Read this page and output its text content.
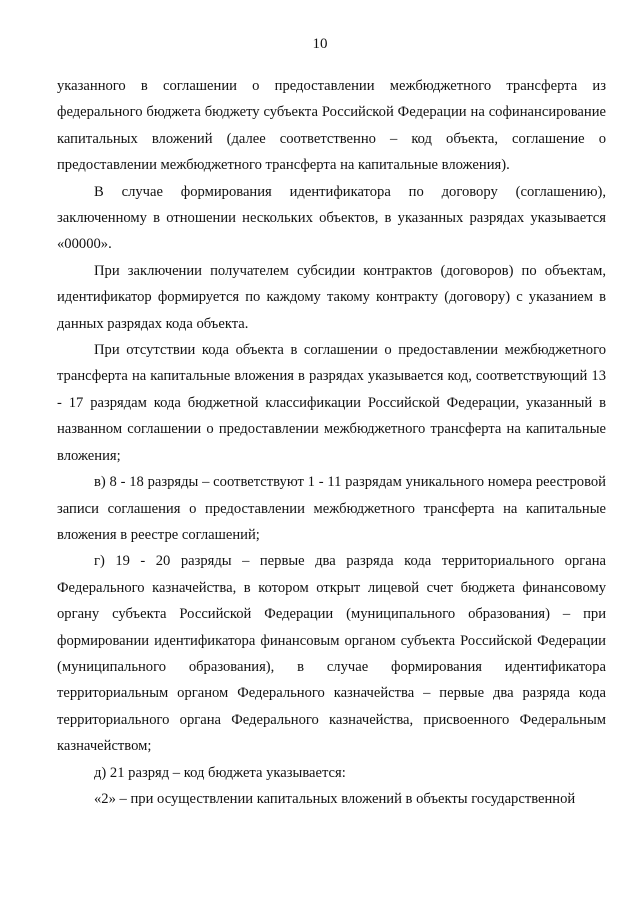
10

указанного в соглашении о предоставлении межбюджетного трансферта из федерального бюджета бюджету субъекта Российской Федерации на софинансирование капитальных вложений (далее соответственно – код объекта, соглашение о предоставлении межбюджетного трансферта на капитальные вложения).

В случае формирования идентификатора по договору (соглашению), заключенному в отношении нескольких объектов, в указанных разрядах указывается «00000».

При заключении получателем субсидии контрактов (договоров) по объектам, идентификатор формируется по каждому такому контракту (договору) с указанием в данных разрядах кода объекта.

При отсутствии кода объекта в соглашении о предоставлении межбюджетного трансферта на капитальные вложения в разрядах указывается код, соответствующий 13 - 17 разрядам кода бюджетной классификации Российской Федерации, указанный в названном соглашении о предоставлении межбюджетного трансферта на капитальные вложения;

в) 8 - 18 разряды – соответствуют 1 - 11 разрядам уникального номера реестровой записи соглашения о предоставлении межбюджетного трансферта на капитальные вложения в реестре соглашений;

г) 19 - 20 разряды – первые два разряда кода территориального органа Федерального казначейства, в котором открыт лицевой счет бюджета финансовому органу субъекта Российской Федерации (муниципального образования) – при формировании идентификатора финансовым органом субъекта Российской Федерации (муниципального образования), в случае формирования идентификатора территориальным органом Федерального казначейства – первые два разряда кода территориального органа Федерального казначейства, присвоенного Федеральным казначейством;

д) 21 разряд – код бюджета указывается:

«2» – при осуществлении капитальных вложений в объекты государственной
